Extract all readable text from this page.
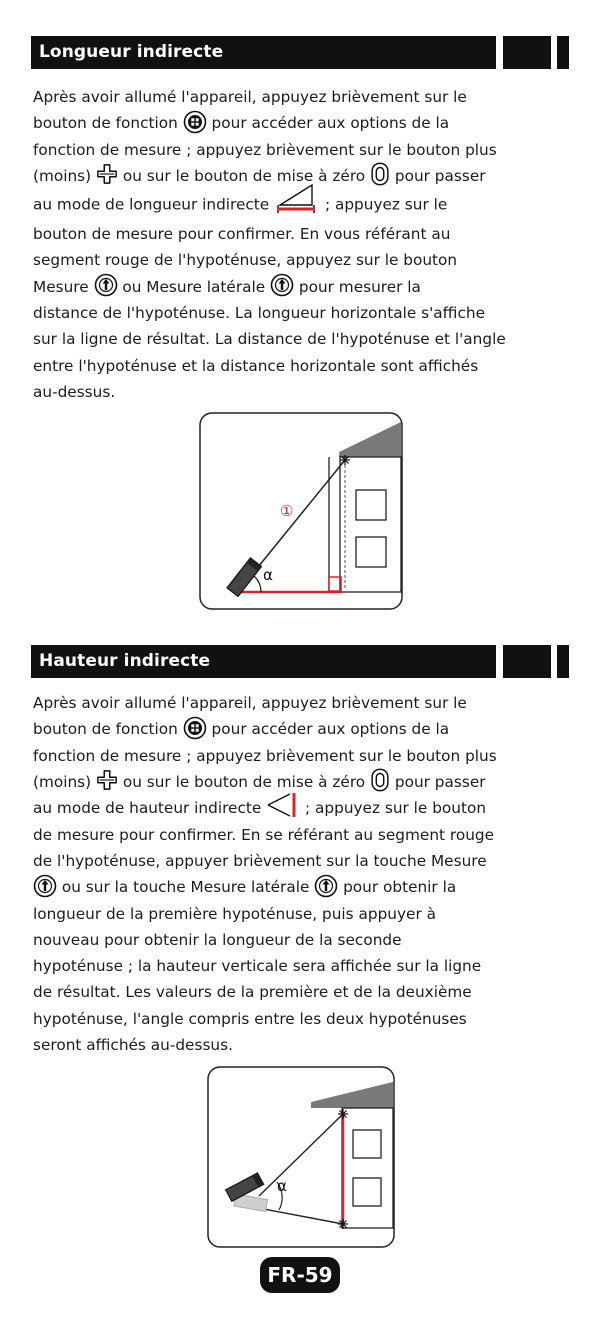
Longueur indirecte

Après avoir allumé l'appareil, appuyez brièvement sur le

bouton de fonction  pour accéder aux options de la

fonction de mesure ; appuyez brièvement sur le bouton plus

(moins)  ou sur le bouton de mise à zéro  pour passer

au mode de longueur indirecte	; appuyez sur le

bouton de mesure pour confirmer. En vous référant au

segment rouge de l'hypoténuse, appuyez sur le bouton

Mesure  ou Mesure latérale  pour mesurer la

distance de l'hypoténuse. La longueur horizontale s'affiche

sur la ligne de résultat. La distance de l'hypoténuse et l'angle

entre l'hypoténuse et la distance horizontale sont affichés

au-dessus.

α
①
Hauteur indirecte

Après avoir allumé l'appareil, appuyez brièvement sur le

bouton de fonction  pour accéder aux options de la

fonction de mesure ; appuyez brièvement sur le bouton plus

(moins)  ou sur le bouton de mise à zéro  pour passer

au mode de hauteur indirecte  ; appuyez sur le bouton

de mesure pour confirmer. En se référant au segment rouge

de l'hypoténuse, appuyer brièvement sur la touche Mesure

ou sur la touche Mesure latérale  pour obtenir la

longueur de la première hypoténuse, puis appuyer à

nouveau pour obtenir la longueur de la seconde

hypoténuse ; la hauteur verticale sera affichée sur la ligne

de résultat. Les valeurs de la première et de la deuxième

hypoténuse, l'angle compris entre les deux hypoténuses

seront affichés au-dessus.

α
FR-59
